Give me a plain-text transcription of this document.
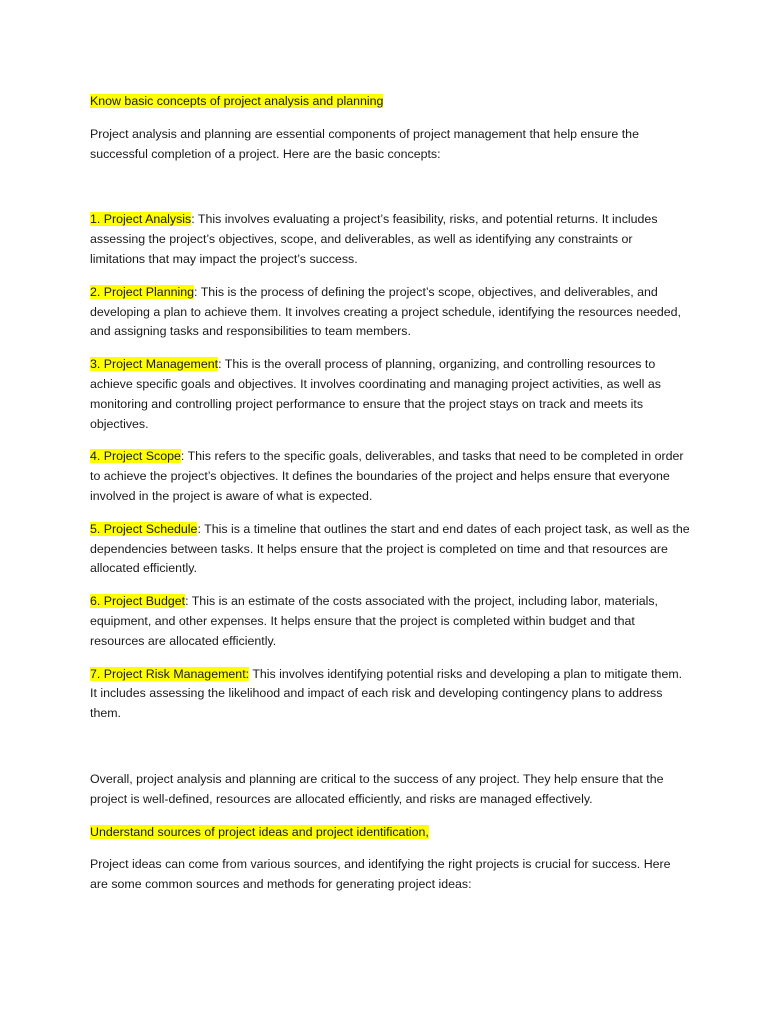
Know basic concepts of project analysis and planning

Project analysis and planning are essential components of project management that help ensure the successful completion of a project. Here are the basic concepts:

1. Project Analysis: This involves evaluating a project’s feasibility, risks, and potential returns. It includes assessing the project’s objectives, scope, and deliverables, as well as identifying any constraints or limitations that may impact the project’s success.

2. Project Planning: This is the process of defining the project’s scope, objectives, and deliverables, and developing a plan to achieve them. It involves creating a project schedule, identifying the resources needed, and assigning tasks and responsibilities to team members.

3. Project Management: This is the overall process of planning, organizing, and controlling resources to achieve specific goals and objectives. It involves coordinating and managing project activities, as well as monitoring and controlling project performance to ensure that the project stays on track and meets its objectives.

4. Project Scope: This refers to the specific goals, deliverables, and tasks that need to be completed in order to achieve the project’s objectives. It defines the boundaries of the project and helps ensure that everyone involved in the project is aware of what is expected.

5. Project Schedule: This is a timeline that outlines the start and end dates of each project task, as well as the dependencies between tasks. It helps ensure that the project is completed on time and that resources are allocated efficiently.

6. Project Budget: This is an estimate of the costs associated with the project, including labor, materials, equipment, and other expenses. It helps ensure that the project is completed within budget and that resources are allocated efficiently.

7. Project Risk Management: This involves identifying potential risks and developing a plan to mitigate them. It includes assessing the likelihood and impact of each risk and developing contingency plans to address them.

Overall, project analysis and planning are critical to the success of any project. They help ensure that the project is well-defined, resources are allocated efficiently, and risks are managed effectively.

Understand sources of project ideas and project identification,

Project ideas can come from various sources, and identifying the right projects is crucial for success. Here are some common sources and methods for generating project ideas:
